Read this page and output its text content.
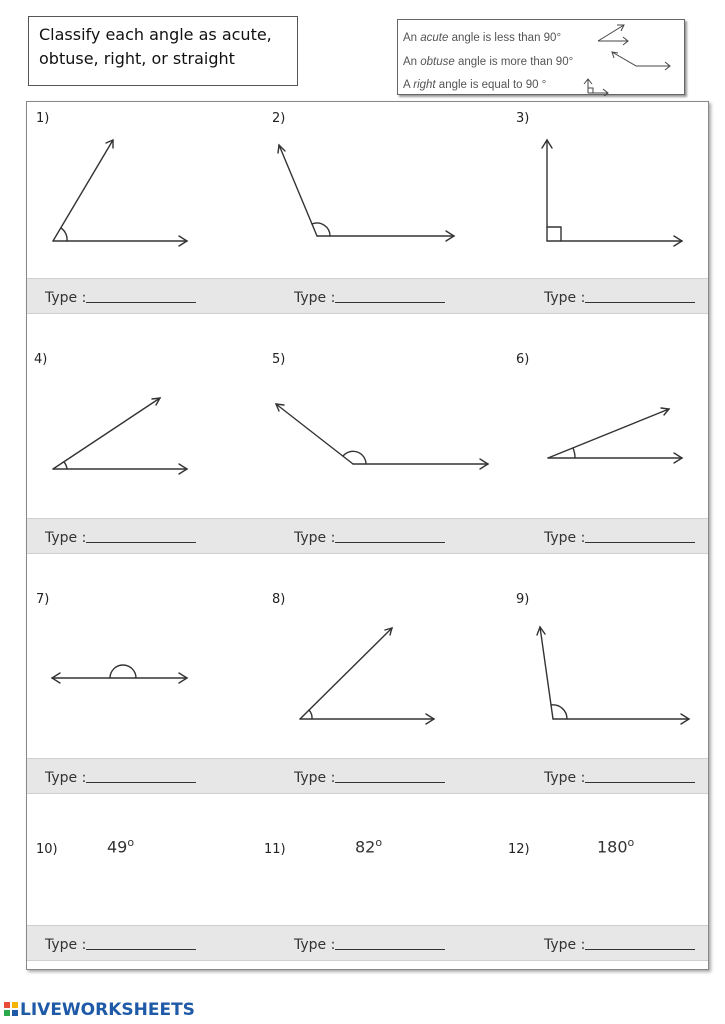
Classify each angle as acute,
obtuse, right, or straight
An acute angle is less than 90°
An obtuse angle is more than 90°
A right angle is equal to 90 °
1)	2)	3)
4)	5)	6)
7)	8)	9)
10)	11)	12)
49$^o$	82$^o$	180$^o$
Type :	Type :	Type :
Type :	Type :	Type :
Type :	Type :	Type :
Type :	Type :	Type :
LIVEWORKSHEETS
